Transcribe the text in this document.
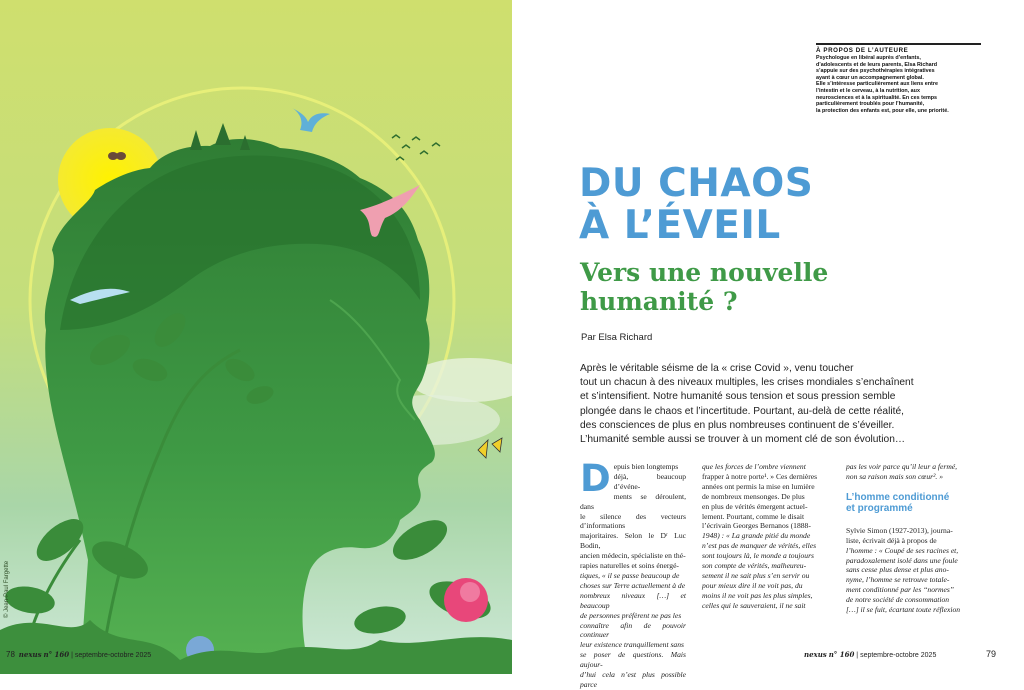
© Jean-Paul Fargette
78 nexus n° 160 | septembre-octobre 2025
À PROPOS DE L’AUTEURE
Psychologue en libéral auprès d’enfants,
d’adolescents et de leurs parents, Elsa Richard
s’appuie sur des psychothérapies intégratives
ayant à cœur un accompagnement global.
Elle s’intéresse particulièrement aux liens entre
l’intestin et le cerveau, à la nutrition, aux
neurosciences et à la spiritualité. En ces temps
particulièrement troublés pour l’humanité,
la protection des enfants est, pour elle, une priorité.
DU CHAOS
À L’ÉVEIL
Vers une nouvelle
humanité ?
Par Elsa Richard
Après le véritable séisme de la « crise Covid », venu toucher
tout un chacun à des niveaux multiples, les crises mondiales s’enchaînent
et s’intensifient. Notre humanité sous tension et sous pression semble
plongée dans le chaos et l’incertitude. Pourtant, au-delà de cette réalité,
des consciences de plus en plus nombreuses continuent de s’éveiller.
L’humanité semble aussi se trouver à un moment clé de son évolution…
D epuis bien longtemps
déjà, beaucoup d’événe-
ments se déroulent, dans
le silence des vecteurs d’informations
majoritaires. Selon le Dʳ Luc Bodin,
ancien médecin, spécialiste en thé-
rapies naturelles et soins énergé-
tiques, « il se passe beaucoup de
choses sur Terre actuellement à de
nombreux niveaux […] et beaucoup
de personnes préfèrent ne pas les
connaître afin de pouvoir continuer
leur existence tranquillement sans
se poser de questions. Mais aujour-
d’hui cela n’est plus possible parce
que les forces de l’ombre viennent
frapper à notre porte¹. » Ces dernières
années ont permis la mise en lumière
de nombreux mensonges. De plus
en plus de vérités émergent actuel-
lement. Pourtant, comme le disait
l’écrivain Georges Bernanos (1888-
1948) : « La grande pitié du monde
n’est pas de manquer de vérités, elles
sont toujours là, le monde a toujours
son compte de vérités, malheureu-
sement il ne sait plus s’en servir ou
pour mieux dire il ne voit pas, du
moins il ne voit pas les plus simples,
celles qui le sauveraient, il ne sait
pas les voir parce qu’il leur a fermé,
non sa raison mais son cœur². »
L’homme conditionné
et programmé
Sylvie Simon (1927-2013), journa-
liste, écrivait déjà à propos de
l’homme : « Coupé de ses racines et,
paradoxalement isolé dans une foule
sans cesse plus dense et plus ano-
nyme, l’homme se retrouve totale-
ment conditionné par les “normes”
de notre société de consommation
[…] il se fuit, écartant toute réflexion
nexus n° 160 | septembre-octobre 2025	79
